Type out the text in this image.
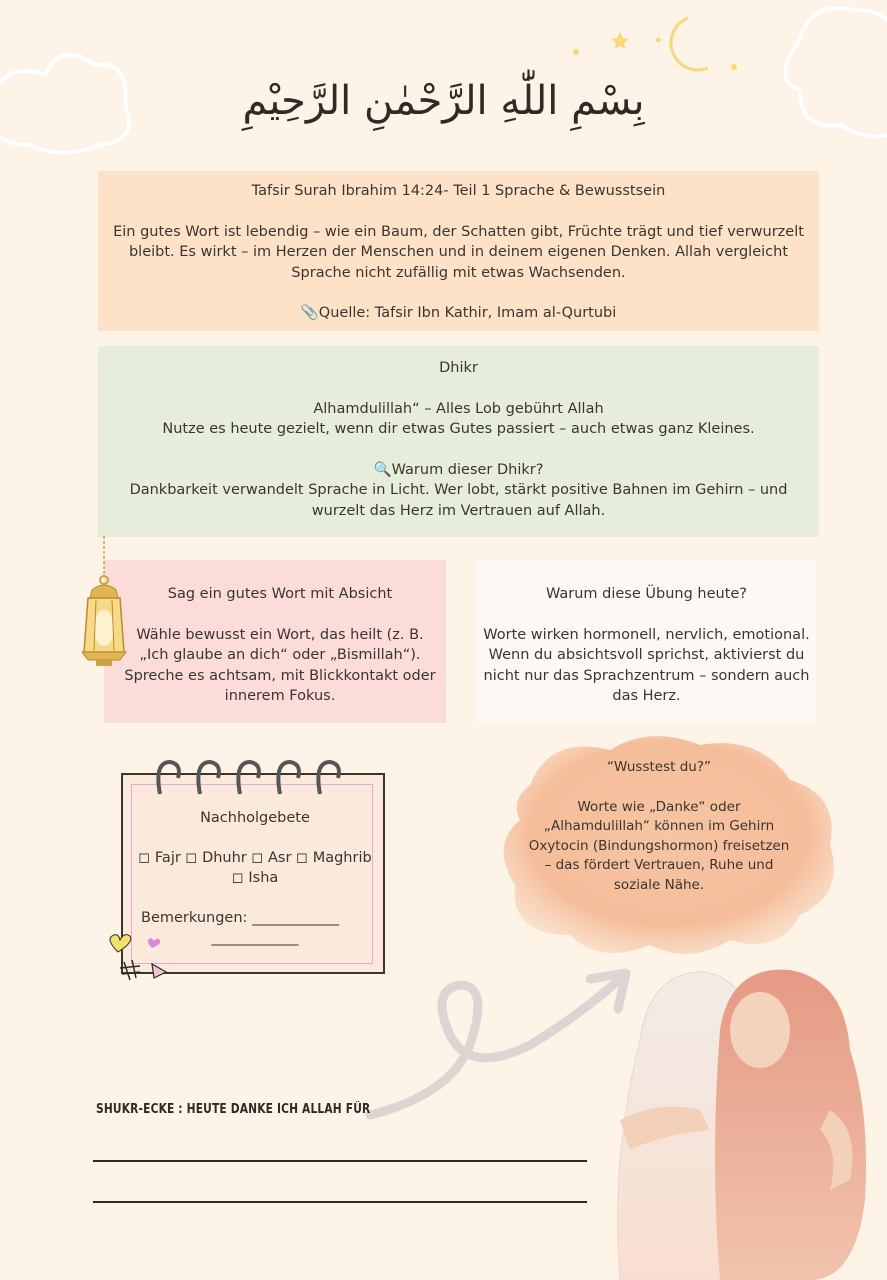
بِسْمِ اللّٰهِ الرَّحْمٰنِ الرَّحِيْمِ

Tafsir Surah Ibrahim 14:24- Teil 1 Sprache & Bewusstsein

Ein gutes Wort ist lebendig – wie ein Baum, der Schatten gibt, Früchte trägt und tief verwurzelt bleibt. Es wirkt – im Herzen der Menschen und in deinem eigenen Denken. Allah vergleicht Sprache nicht zufällig mit etwas Wachsenden.

📎Quelle: Tafsir Ibn Kathir, Imam al-Qurtubi

Dhikr

Alhamdulillah“ – Alles Lob gebührt Allah

Nutze es heute gezielt, wenn dir etwas Gutes passiert – auch etwas ganz Kleines.

🔍Warum dieser Dhikr?

Dankbarkeit verwandelt Sprache in Licht. Wer lobt, stärkt positive Bahnen im Gehirn – und wurzelt das Herz im Vertrauen auf Allah.

Sag ein gutes Wort mit Absicht

Wähle bewusst ein Wort, das heilt (z. B. „Ich glaube an dich“ oder „Bismillah“). Spreche es achtsam, mit Blickkontakt oder innerem Fokus.

Warum diese Übung heute?

Worte wirken hormonell, nervlich, emotional. Wenn du absichtsvoll sprichst, aktivierst du nicht nur das Sprachzentrum – sondern auch das Herz.

Nachholgebete

◻ Fajr ◻ Dhuhr ◻ Asr ◻ Maghrib ◻ Isha

Bemerkungen: ____________

____________

“Wusstest du?”

Worte wie „Danke“ oder „Alhamdulillah“ können im Gehirn Oxytocin (Bindungshormon) freisetzen – das fördert Vertrauen, Ruhe und soziale Nähe.

SHUKR-ECKE : HEUTE DANKE ICH ALLAH FÜR
